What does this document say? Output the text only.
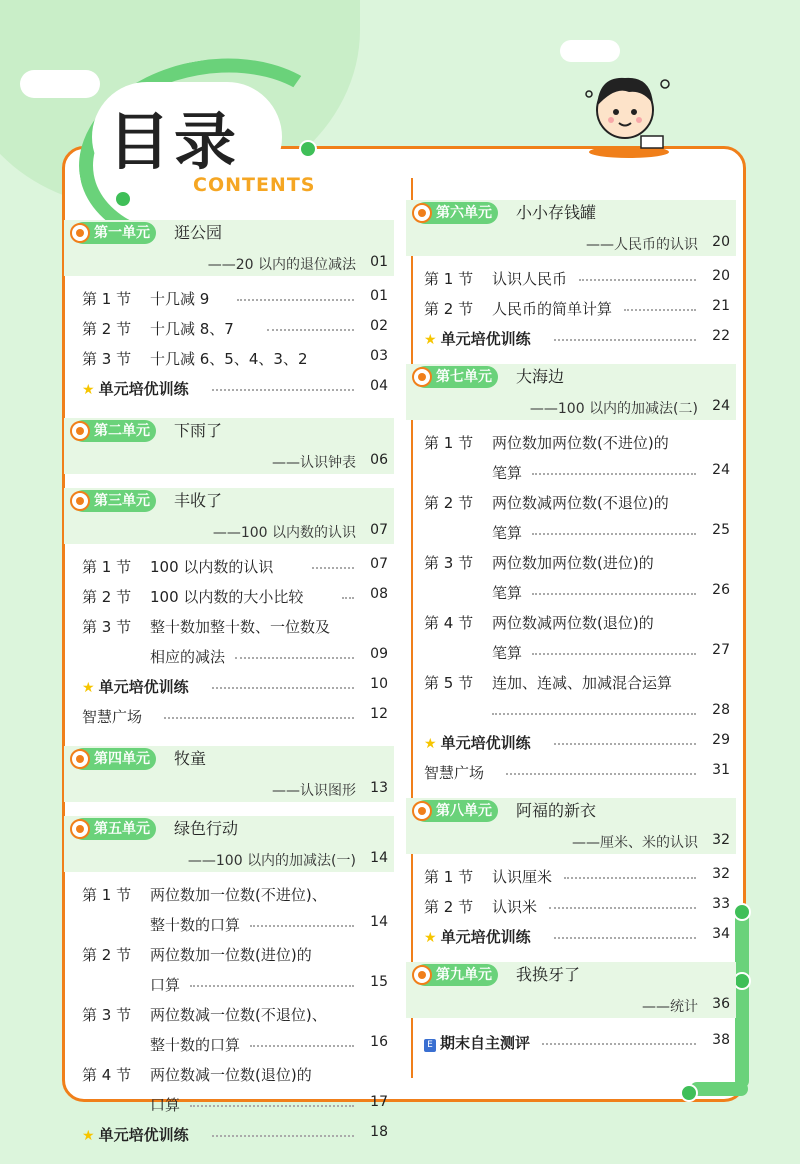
目录
CONTENTS
第一单元	逛公园
——20 以内的退位减法 01
第 1 节 十几减 9	01
第 2 节 十几减 8、7	02
第 3 节 十几减 6、5、4、3、2	03
★ 单元培优训练	04
第二单元	下雨了
——认识钟表 06
第三单元	丰收了
——100 以内数的认识 07
第 1 节 100 以内数的认识	07
第 2 节 100 以内数的大小比较	08
第 3 节 整十数加整十数、一位数及
相应的减法	09
★ 单元培优训练	10
智慧广场	12
第四单元	牧童
——认识图形 13
第五单元	绿色行动
——100 以内的加减法(一) 14
第 1 节 两位数加一位数(不进位)、
整十数的口算	14
第 2 节 两位数加一位数(进位)的
口算	15
第 3 节 两位数减一位数(不退位)、
整十数的口算	16
第 4 节 两位数减一位数(退位)的
口算	17
★ 单元培优训练	18
第六单元	小小存钱罐
——人民币的认识 20
第 1 节 认识人民币	20
第 2 节 人民币的简单计算	21
★ 单元培优训练	22
第七单元	大海边
——100 以内的加减法(二) 24
第 1 节 两位数加两位数(不进位)的
笔算	24
第 2 节 两位数减两位数(不退位)的
笔算	25
第 3 节 两位数加两位数(进位)的
笔算	26
第 4 节 两位数减两位数(退位)的
笔算	27
第 5 节 连加、连减、加减混合运算
28
★ 单元培优训练	29
智慧广场	31
第八单元	阿福的新衣
——厘米、米的认识 32
第 1 节 认识厘米	32
第 2 节 认识米	33
★ 单元培优训练	34
第九单元	我换牙了
——统计 36
E 期末自主测评	38
